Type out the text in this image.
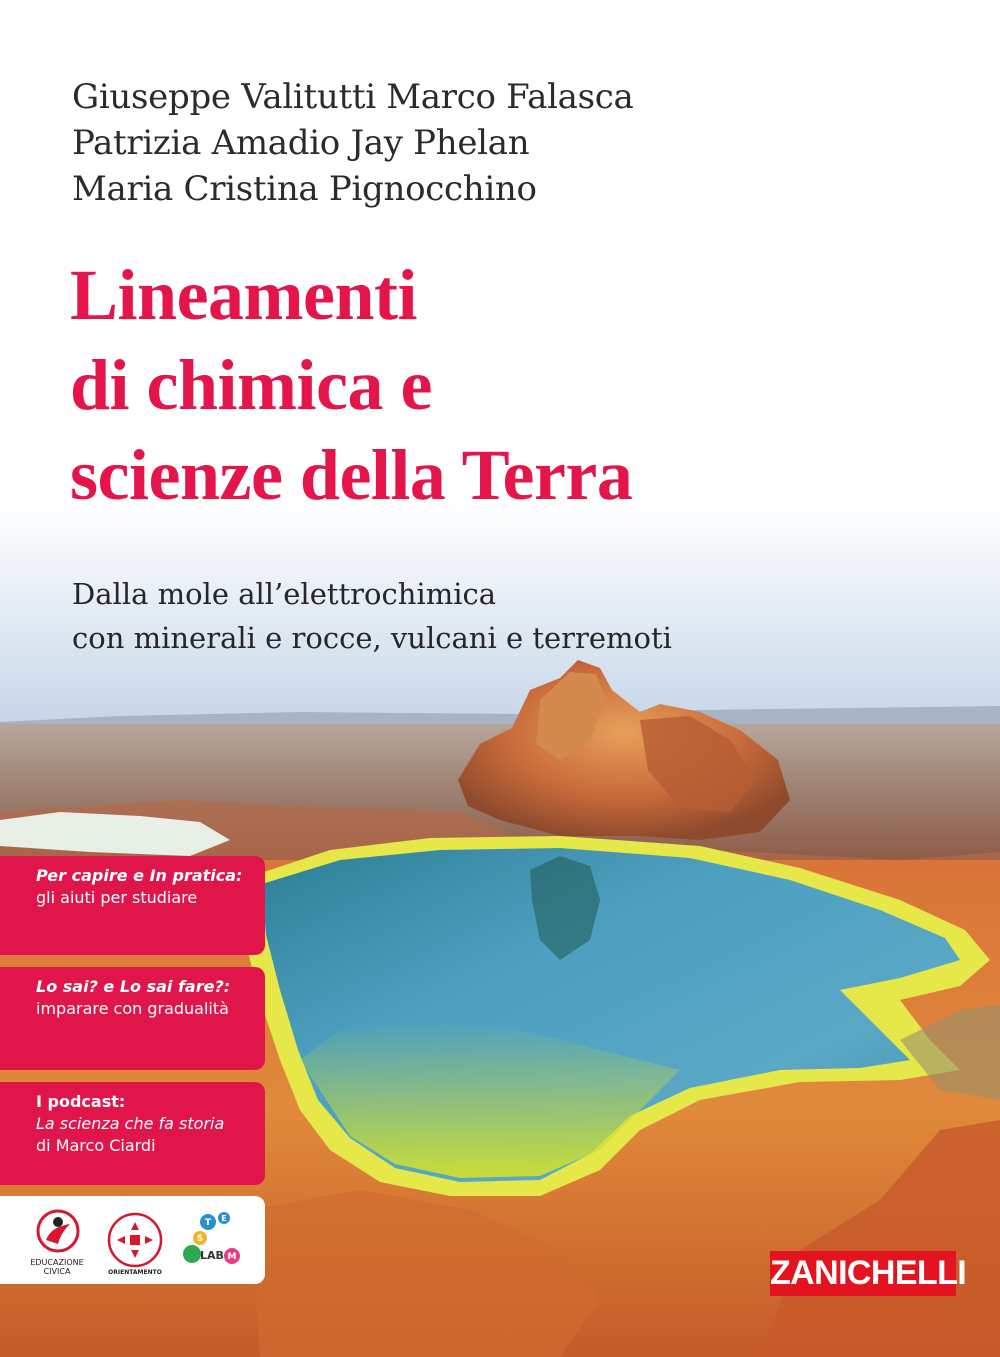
Giuseppe Valitutti Marco Falasca
Patrizia Amadio Jay Phelan
Maria Cristina Pignocchino
Lineamenti
di chimica e
scienze della Terra
Dalla mole all’elettrochimica
con minerali e rocce, vulcani e terremoti
Per capire e In pratica:
gli aiuti per studiare
Lo sai? e Lo sai fare?:
imparare con gradualità
I podcast:
La scienza che fa storia
di Marco Ciardi
EDUCAZIONE CIVICA	ORIENTAMENTO
S
T E
M
LAB	ZANICHELLI
